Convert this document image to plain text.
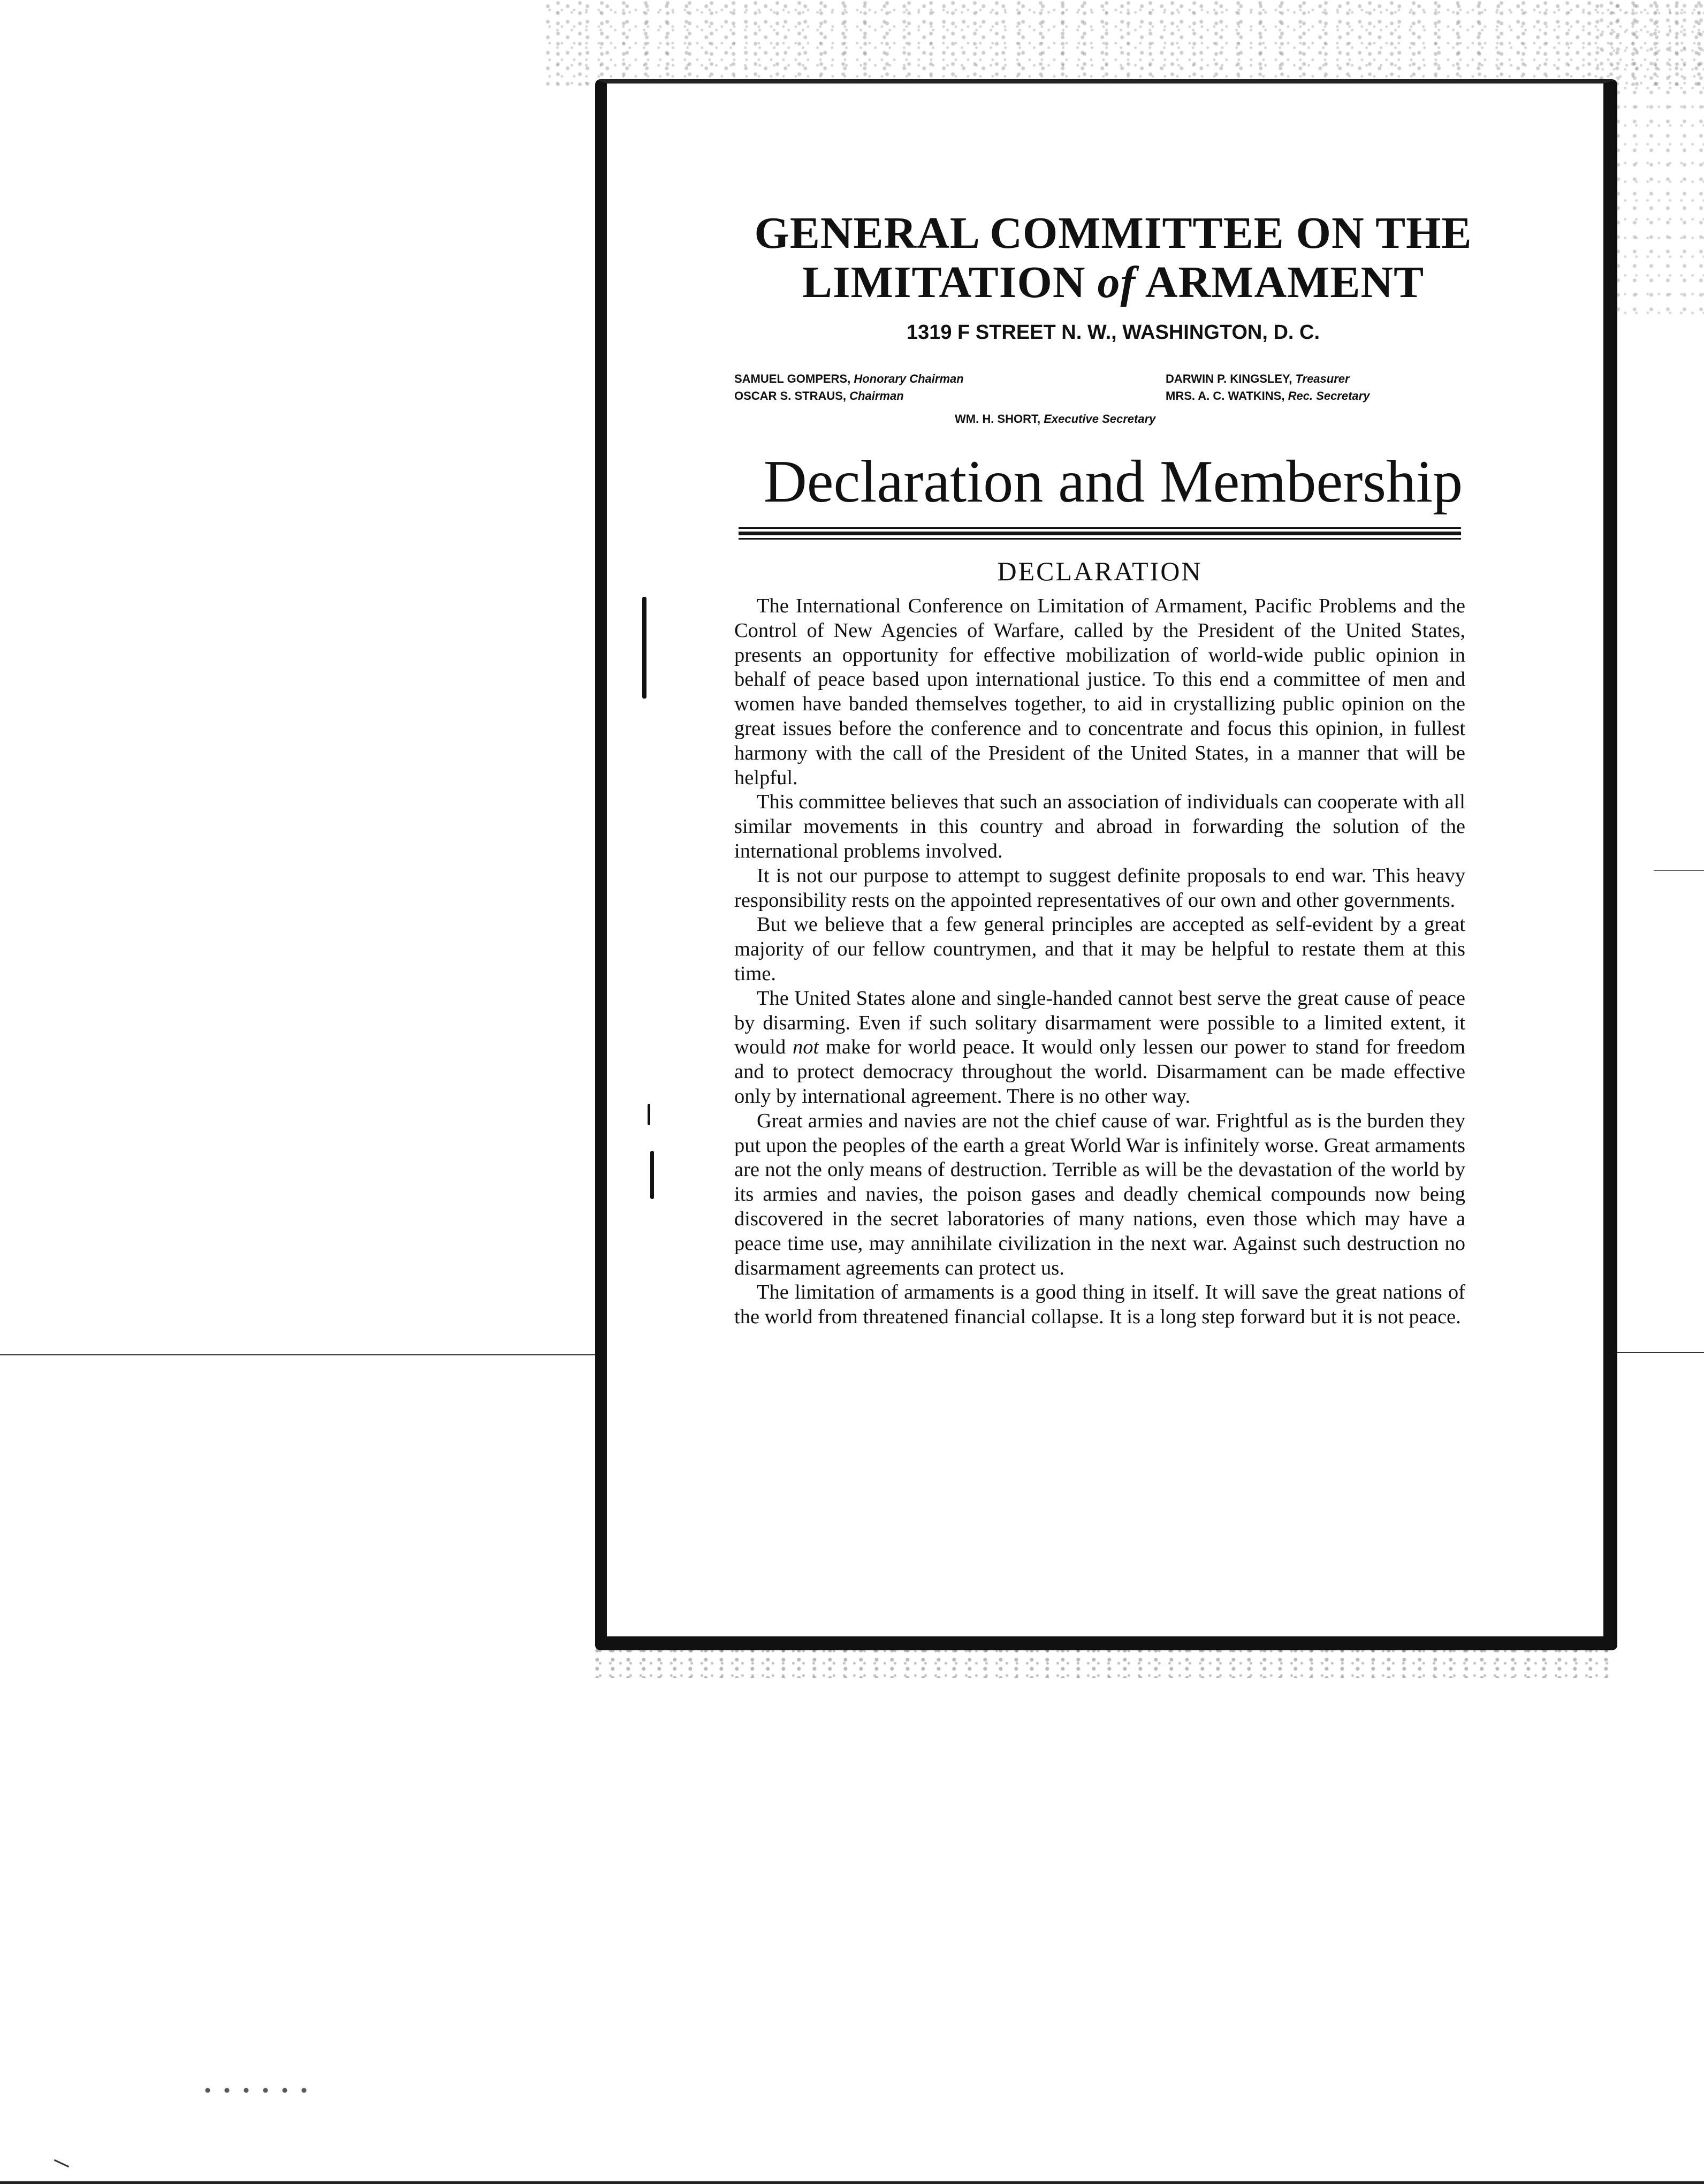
GENERAL COMMITTEE ON THE
LIMITATION of ARMAMENT
1319 F STREET N. W., WASHINGTON, D. C.
SAMUEL GOMPERS, Honorary Chairman
OSCAR S. STRAUS, Chairman
DARWIN P. KINGSLEY, Treasurer
MRS. A. C. WATKINS, Rec. Secretary
WM. H. SHORT, Executive Secretary
Declaration and Membership
DECLARATION

The International Conference on Limitation of Armament, Pacific Problems and the Control of New Agencies of Warfare, called by the President of the United States, presents an opportunity for effective mobilization of world-wide public opinion in behalf of peace based upon international justice. To this end a committee of men and women have banded themselves together, to aid in crystallizing public opinion on the great issues before the conference and to concentrate and focus this opinion, in fullest harmony with the call of the President of the United States, in a manner that will be helpful.

This committee believes that such an association of individuals can cooperate with all similar movements in this country and abroad in forwarding the solution of the international problems involved.

It is not our purpose to attempt to suggest definite proposals to end war. This heavy responsibility rests on the appointed representatives of our own and other governments.

But we believe that a few general principles are accepted as self-evident by a great majority of our fellow countrymen, and that it may be helpful to restate them at this time.

The United States alone and single-handed cannot best serve the great cause of peace by disarming. Even if such solitary disarmament were possible to a limited extent, it would not make for world peace. It would only lessen our power to stand for freedom and to protect democracy throughout the world. Disarmament can be made effective only by international agreement. There is no other way.

Great armies and navies are not the chief cause of war. Frightful as is the burden they put upon the peoples of the earth a great World War is infinitely worse. Great armaments are not the only means of destruction. Terrible as will be the devastation of the world by its armies and navies, the poison gases and deadly chemical compounds now being discovered in the secret laboratories of many nations, even those which may have a peace time use, may annihilate civilization in the next war. Against such destruction no disarmament agreements can protect us.

The limitation of armaments is a good thing in itself. It will save the great nations of the world from threatened financial collapse. It is a long step forward but it is not peace.
